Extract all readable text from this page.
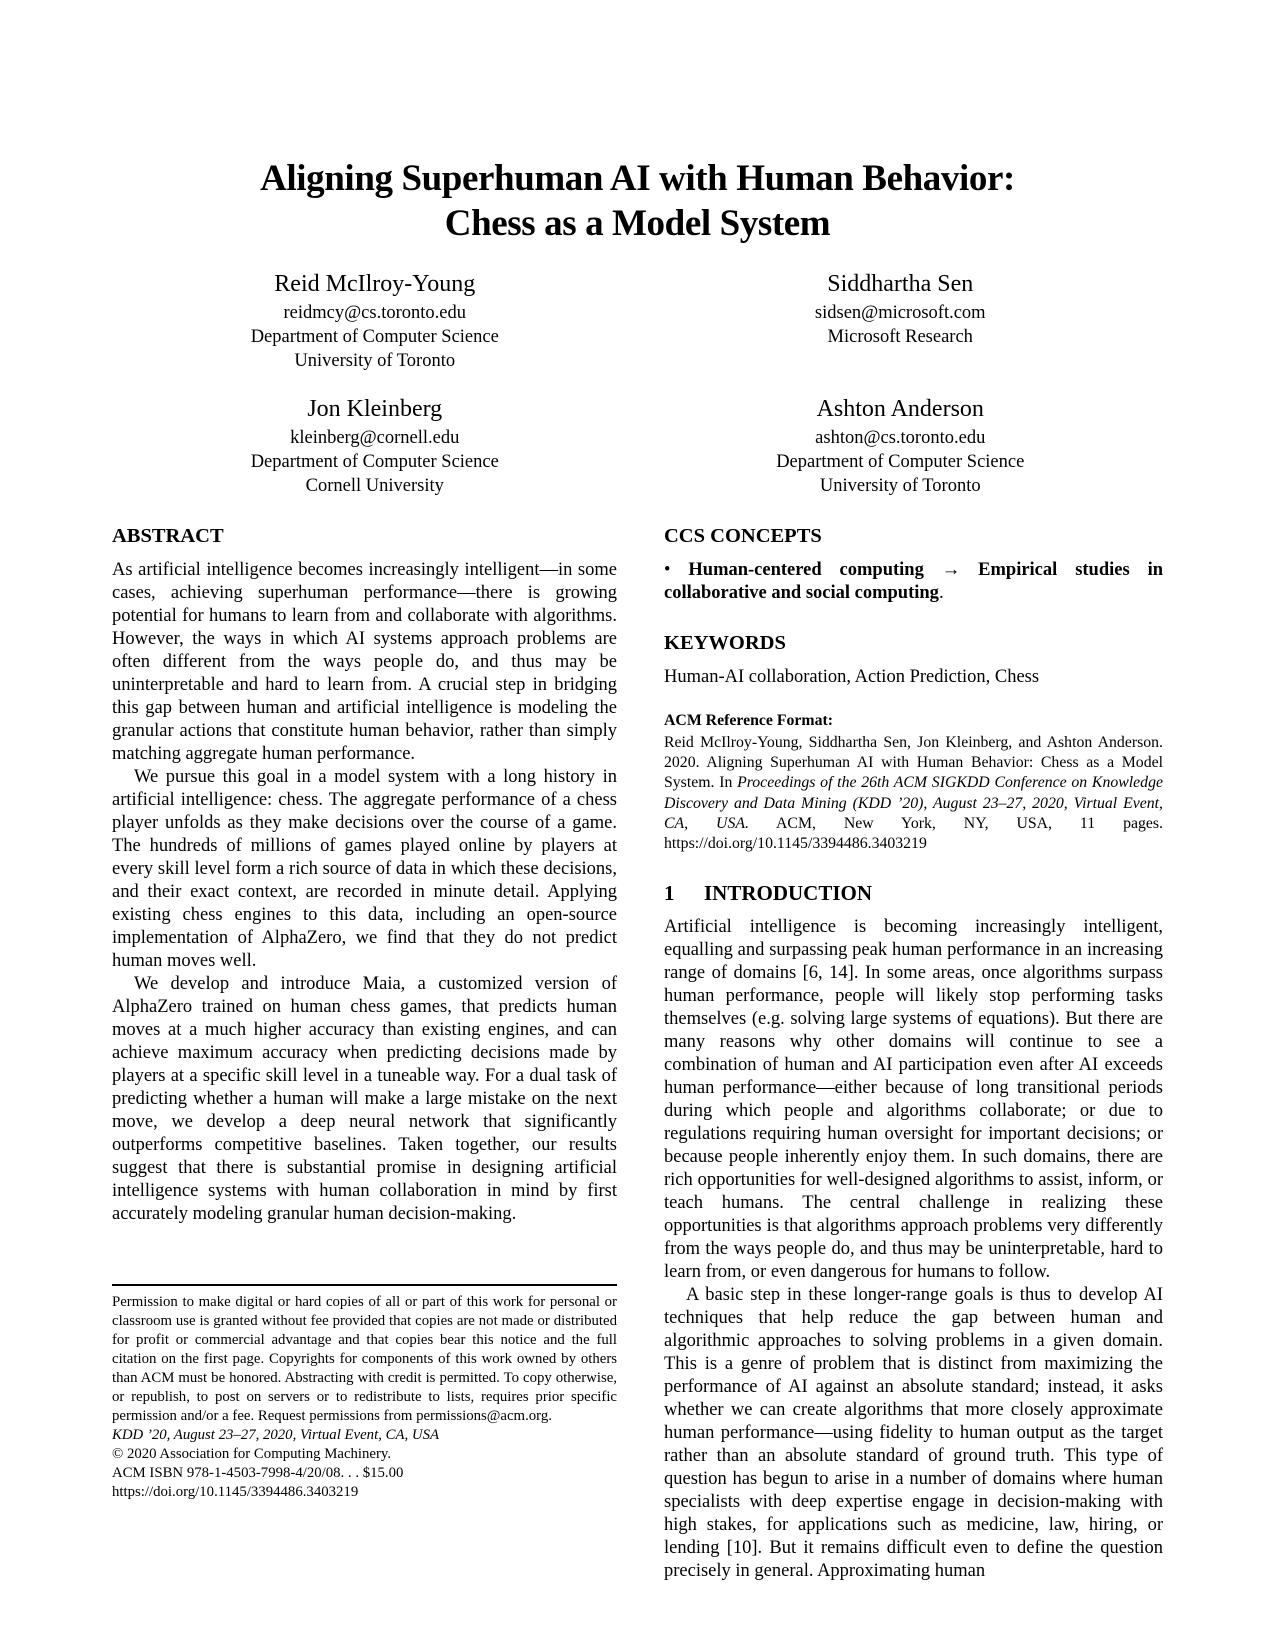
Aligning Superhuman AI with Human Behavior:
Chess as a Model System
Reid McIlroy-Young
reidmcy@cs.toronto.edu
Department of Computer Science
University of Toronto
Siddhartha Sen
sidsen@microsoft.com
Microsoft Research
Jon Kleinberg
kleinberg@cornell.edu
Department of Computer Science
Cornell University
Ashton Anderson
ashton@cs.toronto.edu
Department of Computer Science
University of Toronto
ABSTRACT

As artificial intelligence becomes increasingly intelligent—in some cases, achieving superhuman performance—there is growing potential for humans to learn from and collaborate with algorithms. However, the ways in which AI systems approach problems are often different from the ways people do, and thus may be uninterpretable and hard to learn from. A crucial step in bridging this gap between human and artificial intelligence is modeling the granular actions that constitute human behavior, rather than simply matching aggregate human performance.

We pursue this goal in a model system with a long history in artificial intelligence: chess. The aggregate performance of a chess player unfolds as they make decisions over the course of a game. The hundreds of millions of games played online by players at every skill level form a rich source of data in which these decisions, and their exact context, are recorded in minute detail. Applying existing chess engines to this data, including an open-source implementation of AlphaZero, we find that they do not predict human moves well.

We develop and introduce Maia, a customized version of AlphaZero trained on human chess games, that predicts human moves at a much higher accuracy than existing engines, and can achieve maximum accuracy when predicting decisions made by players at a specific skill level in a tuneable way. For a dual task of predicting whether a human will make a large mistake on the next move, we develop a deep neural network that significantly outperforms competitive baselines. Taken together, our results suggest that there is substantial promise in designing artificial intelligence systems with human collaboration in mind by first accurately modeling granular human decision-making.

Permission to make digital or hard copies of all or part of this work for personal or classroom use is granted without fee provided that copies are not made or distributed for profit or commercial advantage and that copies bear this notice and the full citation on the first page. Copyrights for components of this work owned by others than ACM must be honored. Abstracting with credit is permitted. To copy otherwise, or republish, to post on servers or to redistribute to lists, requires prior specific permission and/or a fee. Request permissions from permissions@acm.org.

KDD ’20, August 23–27, 2020, Virtual Event, CA, USA

© 2020 Association for Computing Machinery.

ACM ISBN 978-1-4503-7998-4/20/08. . . $15.00

https://doi.org/10.1145/3394486.3403219

CCS CONCEPTS

• Human-centered computing → Empirical studies in collaborative and social computing.

KEYWORDS

Human-AI collaboration, Action Prediction, Chess

ACM Reference Format:

Reid McIlroy-Young, Siddhartha Sen, Jon Kleinberg, and Ashton Anderson. 2020. Aligning Superhuman AI with Human Behavior: Chess as a Model System. In Proceedings of the 26th ACM SIGKDD Conference on Knowledge Discovery and Data Mining (KDD ’20), August 23–27, 2020, Virtual Event, CA, USA. ACM, New York, NY, USA, 11 pages. https://doi.org/10.1145/3394486.3403219

1	INTRODUCTION

Artificial intelligence is becoming increasingly intelligent, equalling and surpassing peak human performance in an increasing range of domains [6, 14]. In some areas, once algorithms surpass human performance, people will likely stop performing tasks themselves (e.g. solving large systems of equations). But there are many reasons why other domains will continue to see a combination of human and AI participation even after AI exceeds human performance—either because of long transitional periods during which people and algorithms collaborate; or due to regulations requiring human oversight for important decisions; or because people inherently enjoy them. In such domains, there are rich opportunities for well-designed algorithms to assist, inform, or teach humans. The central challenge in realizing these opportunities is that algorithms approach problems very differently from the ways people do, and thus may be uninterpretable, hard to learn from, or even dangerous for humans to follow.

A basic step in these longer-range goals is thus to develop AI techniques that help reduce the gap between human and algorithmic approaches to solving problems in a given domain. This is a genre of problem that is distinct from maximizing the performance of AI against an absolute standard; instead, it asks whether we can create algorithms that more closely approximate human performance—using fidelity to human output as the target rather than an absolute standard of ground truth. This type of question has begun to arise in a number of domains where human specialists with deep expertise engage in decision-making with high stakes, for applications such as medicine, law, hiring, or lending [10]. But it remains difficult even to define the question precisely in general. Approximating human
